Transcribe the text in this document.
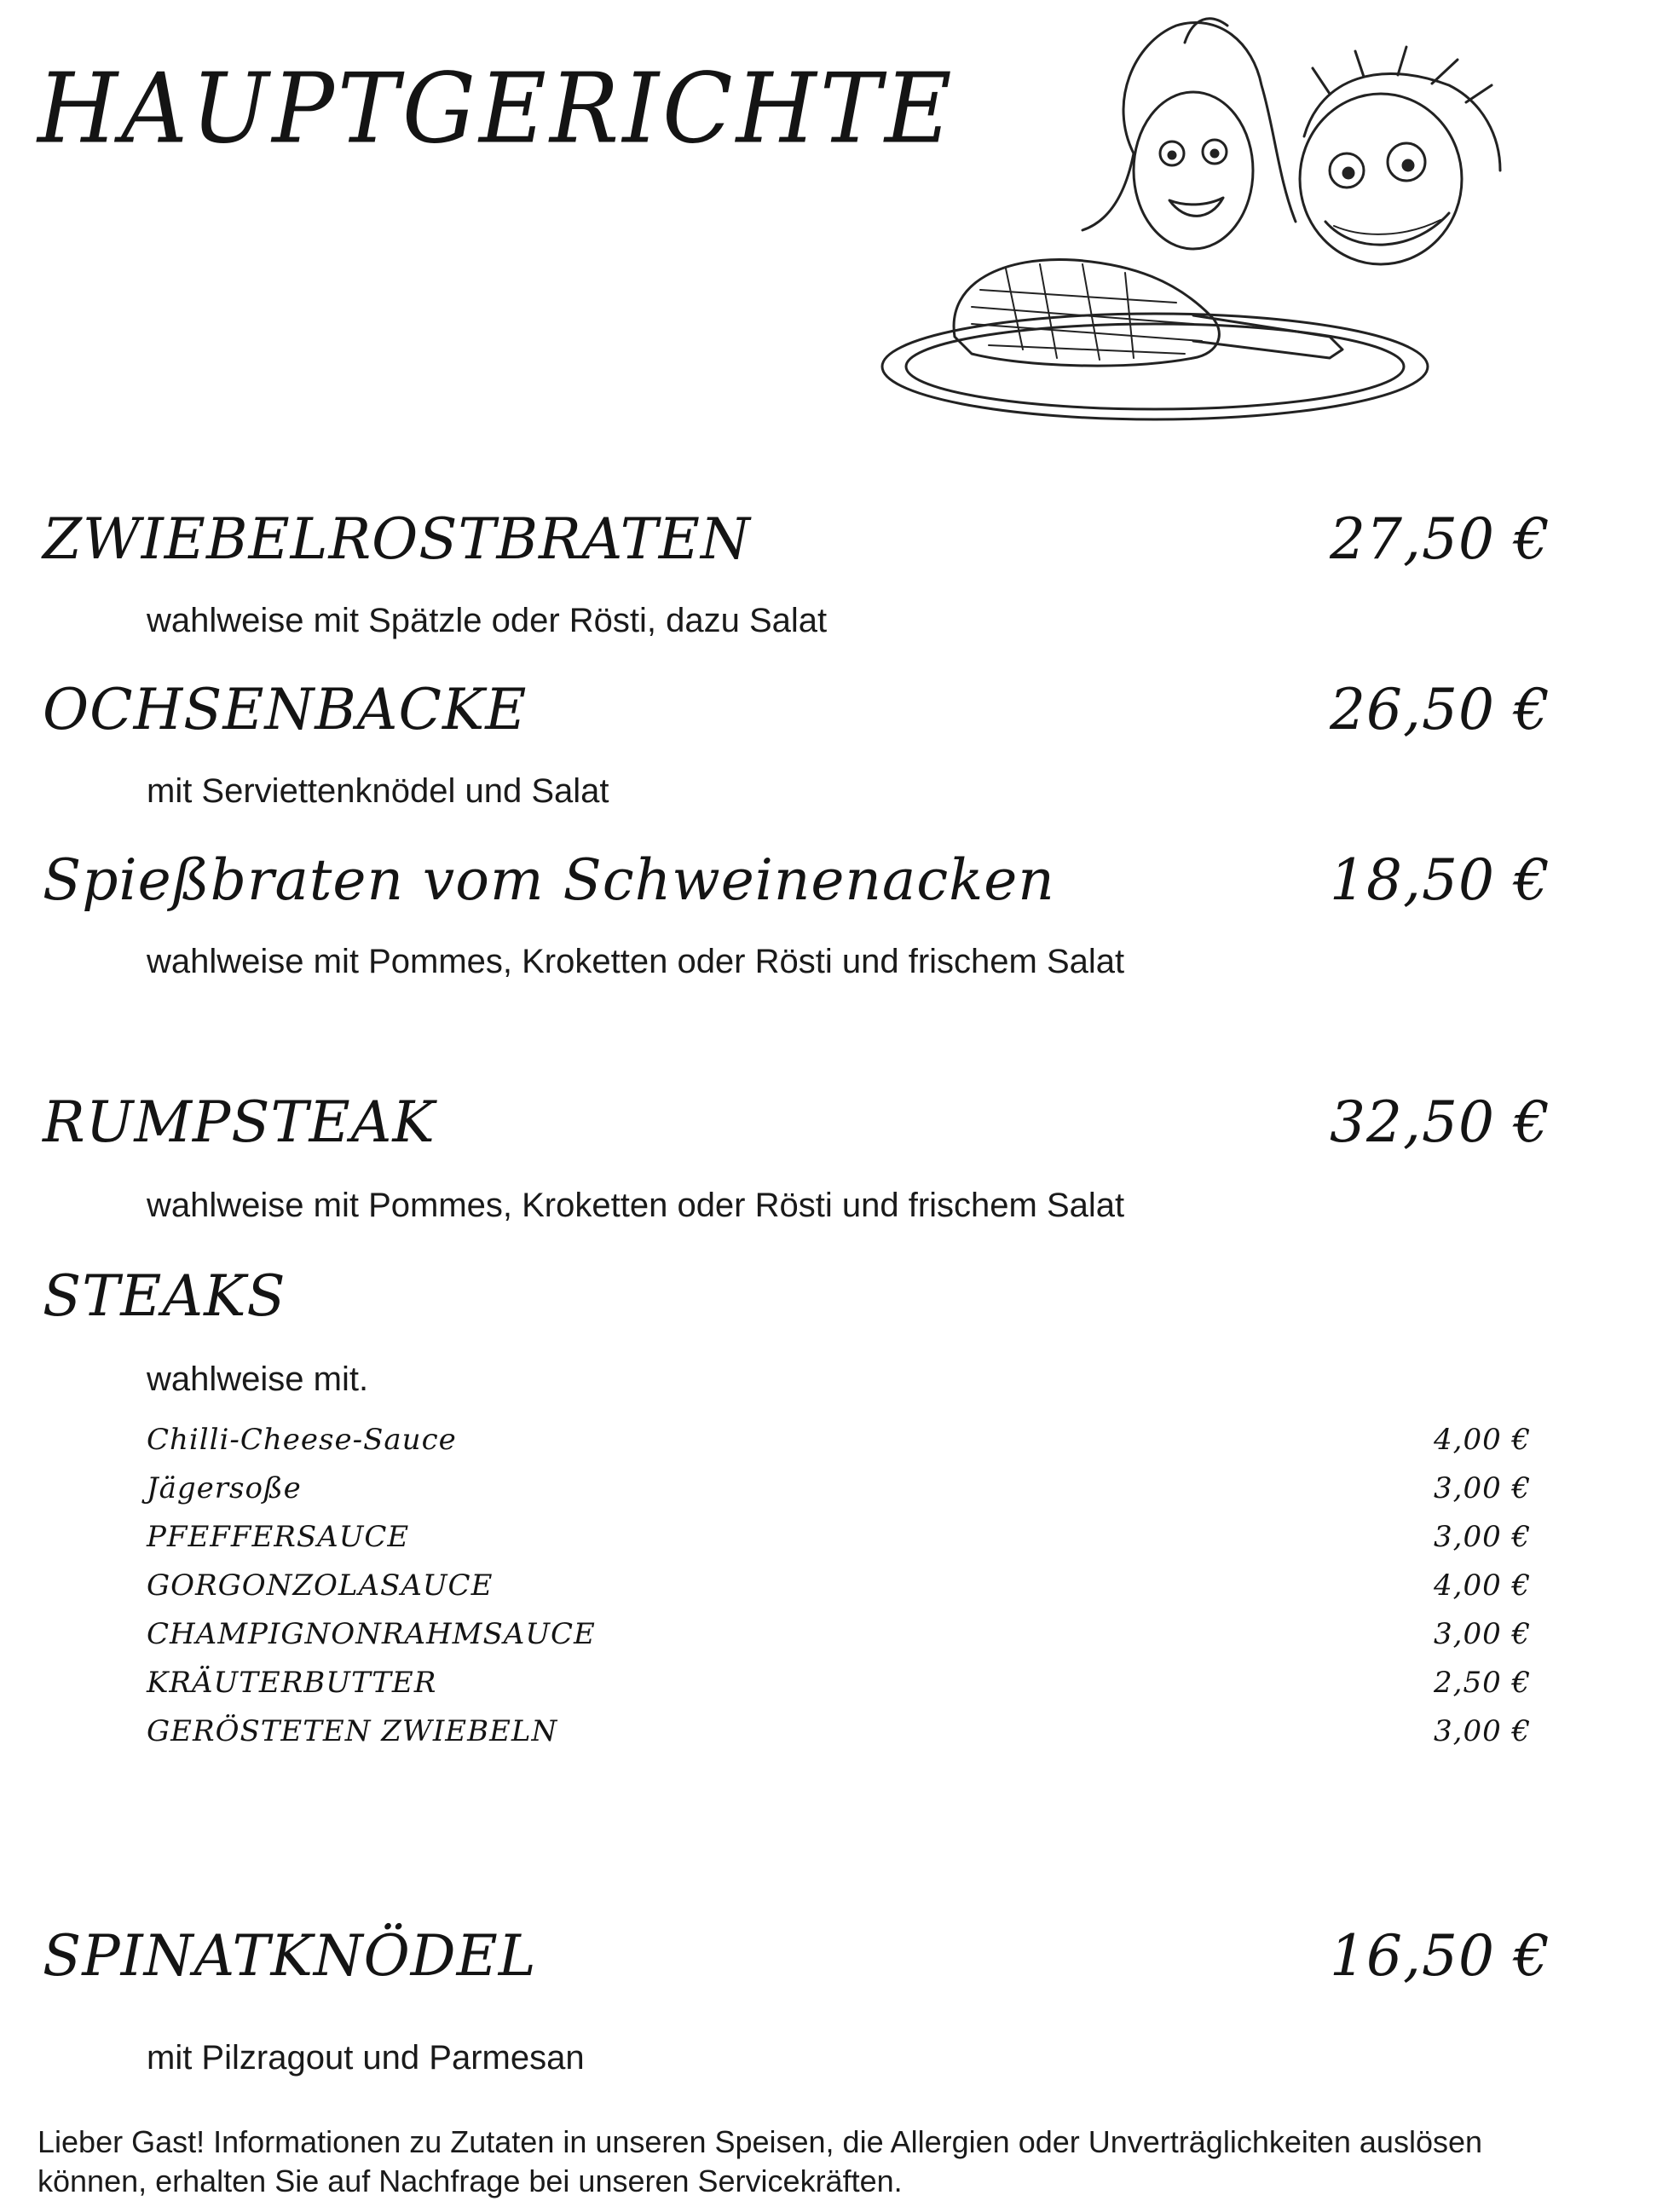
HAUPTGERICHTE
ZWIEBELROSTBRATEN	27,50 €
wahlweise mit Spätzle oder Rösti, dazu Salat
OCHSENBACKE	26,50 €
mit Serviettenknödel und Salat
Spießbraten vom Schweinenacken	18,50 €
wahlweise mit Pommes, Kroketten oder Rösti und frischem Salat
RUMPSTEAK	32,50 €
wahlweise mit Pommes, Kroketten oder Rösti und frischem Salat
STEAKS
wahlweise mit.
Chilli-Cheese-Sauce	4,00 €
Jägersoße	3,00 €
PFEFFERSAUCE	3,00 €
GORGONZOLASAUCE	4,00 €
CHAMPIGNONRAHMSAUCE	3,00 €
KRÄUTERBUTTER	2,50 €
GERÖSTETEN ZWIEBELN	3,00 €
SPINATKNÖDEL	16,50 €
mit Pilzragout und Parmesan
Lieber Gast! Informationen zu Zutaten in unseren Speisen, die Allergien oder Unverträglichkeiten auslösen können, erhalten Sie auf Nachfrage bei unseren Servicekräften.
